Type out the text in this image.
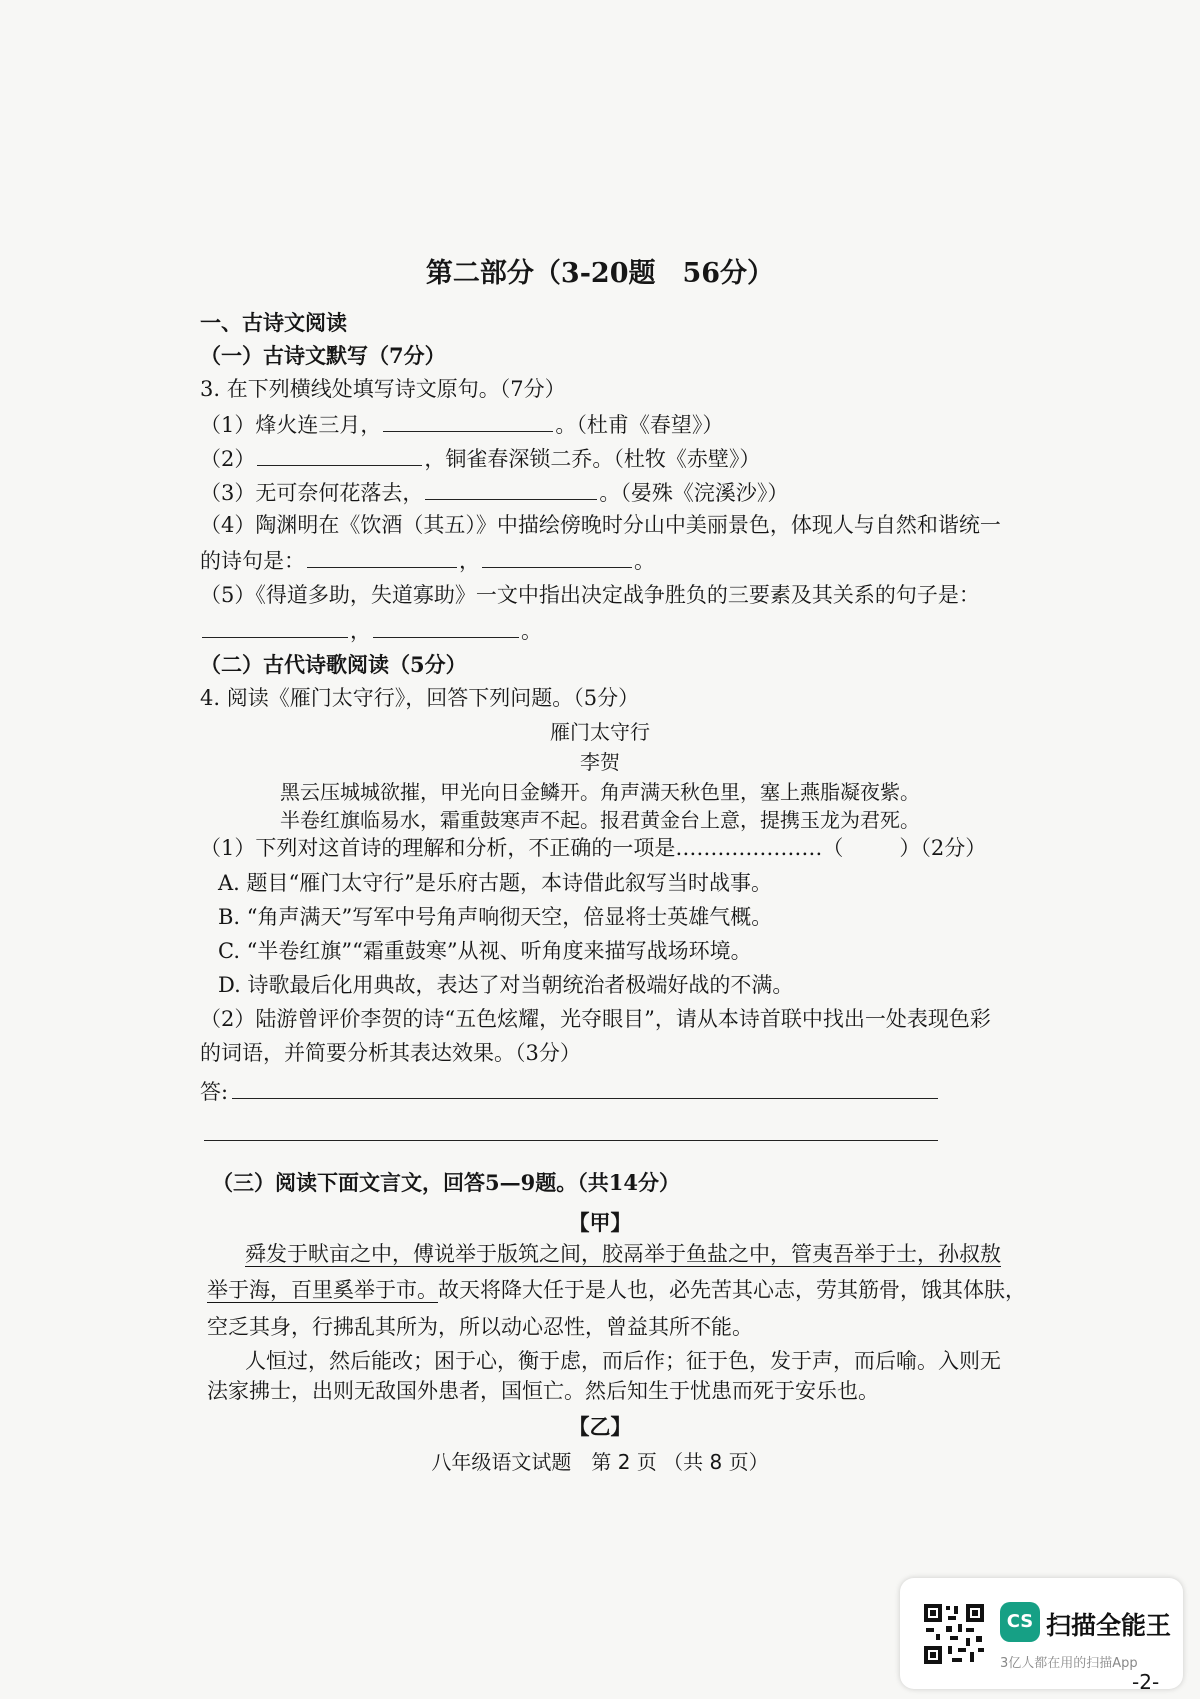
第二部分（3-20题　56分）
一、古诗文阅读
（一）古诗文默写（7分）
3. 在下列横线处填写诗文原句。（7分）
（1）烽火连三月，	。（杜甫《春望》）
（2）	，铜雀春深锁二乔。（杜牧《赤壁》）
（3）无可奈何花落去，	。（晏殊《浣溪沙》）
（4）陶渊明在《饮酒（其五）》中描绘傍晚时分山中美丽景色，体现人与自然和谐统一
的诗句是：	，	。
（5）《得道多助，失道寡助》一文中指出决定战争胜负的三要素及其关系的句子是：
，	。
（二）古代诗歌阅读（5分）
4. 阅读《雁门太守行》，回答下列问题。（5分）
雁门太守行
李贺
黑云压城城欲摧，甲光向日金鳞开。角声满天秋色里，塞上燕脂凝夜紫。
半卷红旗临易水，霜重鼓寒声不起。报君黄金台上意，提携玉龙为君死。
（1）下列对这首诗的理解和分析，不正确的一项是…………………（	）（2分）
A. 题目“雁门太守行”是乐府古题，本诗借此叙写当时战事。
B. “角声满天”写军中号角声响彻天空，倍显将士英雄气概。
C. “半卷红旗”“霜重鼓寒”从视、听角度来描写战场环境。
D. 诗歌最后化用典故，表达了对当朝统治者极端好战的不满。
（2）陆游曾评价李贺的诗“五色炫耀，光夺眼目”，请从本诗首联中找出一处表现色彩
的词语，并简要分析其表达效果。（3分）
答:
（三）阅读下面文言文，回答5—9题。（共14分）
【甲】
舜发于畎亩之中，傅说举于版筑之间，胶鬲举于鱼盐之中，管夷吾举于士，孙叔敖
举于海，百里奚举于市。故天将降大任于是人也，必先苦其心志，劳其筋骨，饿其体肤，
空乏其身，行拂乱其所为，所以动心忍性，曾益其所不能。
人恒过，然后能改；困于心，衡于虑，而后作；征于色，发于声，而后喻。入则无
法家拂士，出则无敌国外患者，国恒亡。然后知生于忧患而死于安乐也。
【乙】
八年级语文试题　第 2 页 （共 8 页）
CS 扫描全能王
3亿人都在用的扫描App
-2-
